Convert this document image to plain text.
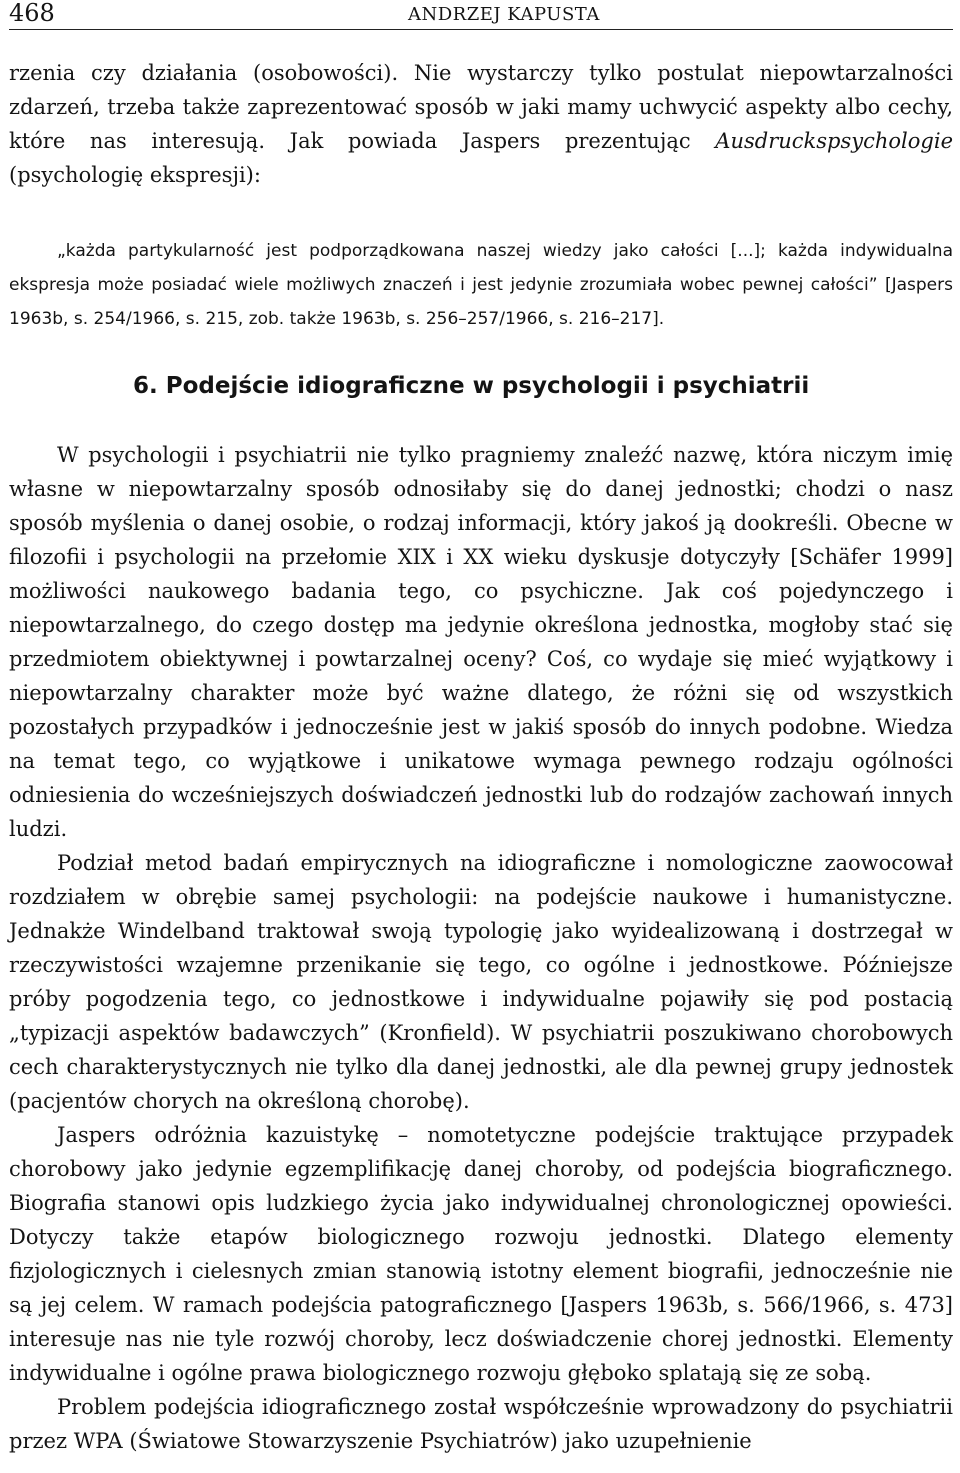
468	ANDRZEJ KAPUSTA

rzenia czy działania (osobowości). Nie wystarczy tylko postulat niepowtarzalności zdarzeń, trzeba także zaprezentować sposób w jaki mamy uchwycić aspekty albo cechy, które nas interesują. Jak powiada Jaspers prezentując Ausdruckspsychologie (psychologię ekspresji):

„każda partykularność jest podporządkowana naszej wiedzy jako całości [...]; każda indywidualna ekspresja może posiadać wiele możliwych znaczeń i jest jedynie zrozumiała wobec pewnej całości” [Jaspers 1963b, s. 254/1966, s. 215, zob. także 1963b, s. 256–257/1966, s. 216–217].

6. Podejście idiograficzne w psychologii i psychiatrii

W psychologii i psychiatrii nie tylko pragniemy znaleźć nazwę, która niczym imię własne w niepowtarzalny sposób odnosiłaby się do danej jednostki; chodzi o nasz sposób myślenia o danej osobie, o rodzaj informacji, który jakoś ją dookreśli. Obecne w filozofii i psychologii na przełomie XIX i XX wieku dyskusje dotyczyły [Schäfer 1999] możliwości naukowego badania tego, co psychiczne. Jak coś pojedynczego i niepowtarzalnego, do czego dostęp ma jedynie określona jednostka, mogłoby stać się przedmiotem obiektywnej i powtarzalnej oceny? Coś, co wydaje się mieć wyjątkowy i niepowtarzalny charakter może być ważne dlatego, że różni się od wszystkich pozostałych przypadków i jednocześnie jest w jakiś sposób do innych podobne. Wiedza na temat tego, co wyjątkowe i unikatowe wymaga pewnego rodzaju ogólności odniesienia do wcześniejszych doświadczeń jednostki lub do rodzajów zachowań innych ludzi.

Podział metod badań empirycznych na idiograficzne i nomologiczne zaowocował rozdziałem w obrębie samej psychologii: na podejście naukowe i humanistyczne. Jednakże Windelband traktował swoją typologię jako wyidealizowaną i dostrzegał w rzeczywistości wzajemne przenikanie się tego, co ogólne i jednostkowe. Późniejsze próby pogodzenia tego, co jednostkowe i indywidualne pojawiły się pod postacią „typizacji aspektów badawczych” (Kronfield). W psychiatrii poszukiwano chorobowych cech charakterystycznych nie tylko dla danej jednostki, ale dla pewnej grupy jednostek (pacjentów chorych na określoną chorobę).

Jaspers odróżnia kazuistykę – nomotetyczne podejście traktujące przypadek chorobowy jako jedynie egzemplifikację danej choroby, od podejścia biograficznego. Biografia stanowi opis ludzkiego życia jako indywidualnej chronologicznej opowieści. Dotyczy także etapów biologicznego rozwoju jednostki. Dlatego elementy fizjologicznych i cielesnych zmian stanowią istotny element biografii, jednocześnie nie są jej celem. W ramach podejścia patograficznego [Jaspers 1963b, s. 566/1966, s. 473] interesuje nas nie tyle rozwój choroby, lecz doświadczenie chorej jednostki. Elementy indywidualne i ogólne prawa biologicznego rozwoju głęboko splatają się ze sobą.

Problem podejścia idiograficznego został współcześnie wprowadzony do psychiatrii przez WPA (Światowe Stowarzyszenie Psychiatrów) jako uzupełnienie
